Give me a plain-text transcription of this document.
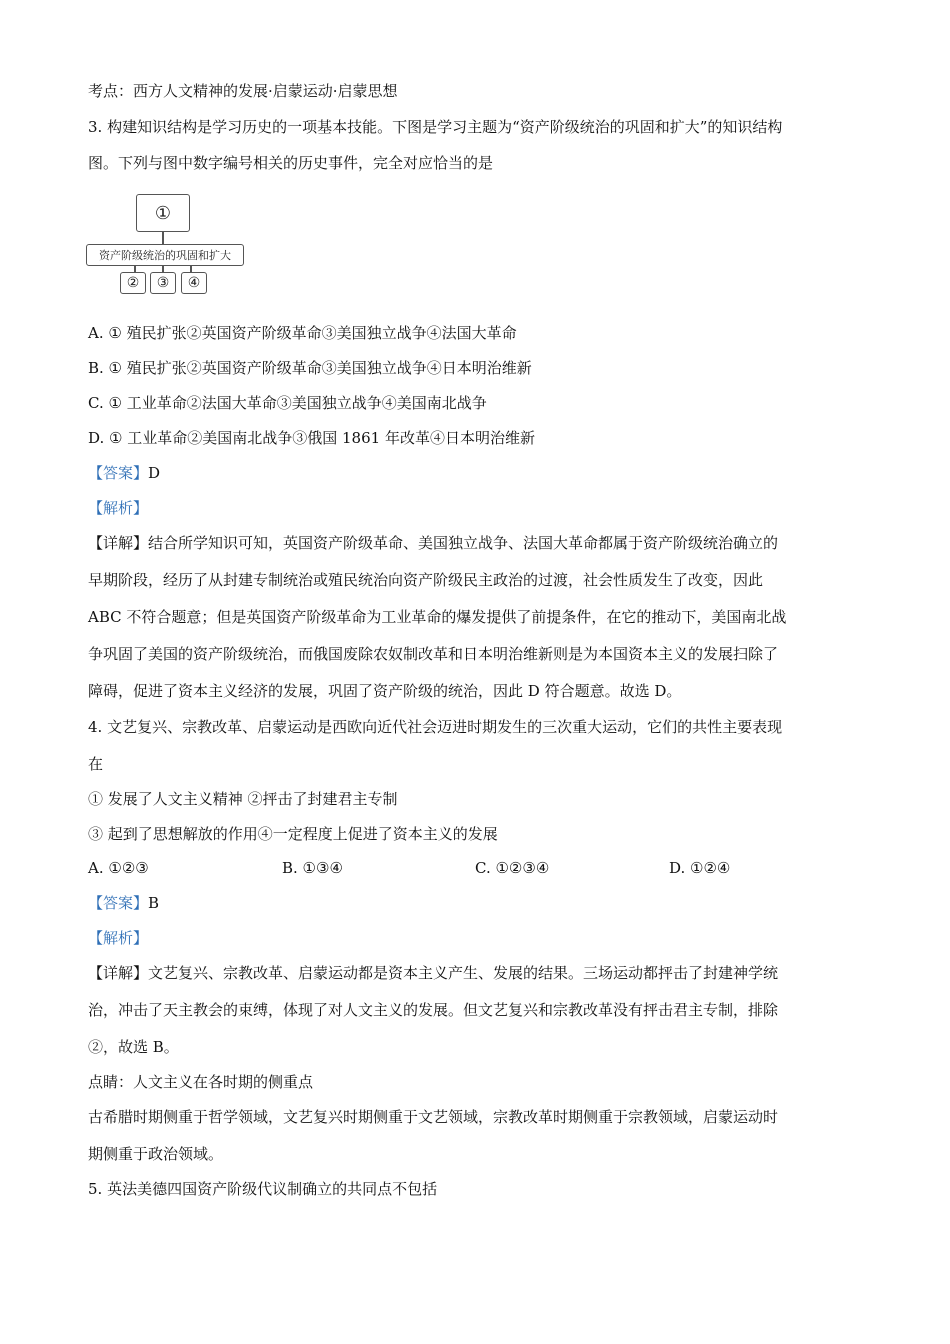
考点：西方人文精神的发展·启蒙运动·启蒙思想

3. 构建知识结构是学习历史的一项基本技能。下图是学习主题为“资产阶级统治的巩固和扩大”的知识结构

图。下列与图中数字编号相关的历史事件，完全对应恰当的是

①
资产阶级统治的巩固和扩大
②	③	④

A. ① 殖民扩张②英国资产阶级革命③美国独立战争④法国大革命

B. ① 殖民扩张②英国资产阶级革命③美国独立战争④日本明治维新

C. ① 工业革命②法国大革命③美国独立战争④美国南北战争

D. ① 工业革命②美国南北战争③俄国 1861 年改革④日本明治维新

【答案】D

【解析】

【详解】结合所学知识可知，英国资产阶级革命、美国独立战争、法国大革命都属于资产阶级统治确立的

早期阶段，经历了从封建专制统治或殖民统治向资产阶级民主政治的过渡，社会性质发生了改变，因此

ABC 不符合题意；但是英国资产阶级革命为工业革命的爆发提供了前提条件，在它的推动下，美国南北战

争巩固了美国的资产阶级统治，而俄国废除农奴制改革和日本明治维新则是为本国资本主义的发展扫除了

障碍，促进了资本主义经济的发展，巩固了资产阶级的统治，因此 D 符合题意。故选 D。

4. 文艺复兴、宗教改革、启蒙运动是西欧向近代社会迈进时期发生的三次重大运动，它们的共性主要表现

在

① 发展了人文主义精神 ②抨击了封建君主专制

③ 起到了思想解放的作用④一定程度上促进了资本主义的发展

A. ①②③	B. ①③④	C. ①②③④	D. ①②④

【答案】B

【解析】

【详解】文艺复兴、宗教改革、启蒙运动都是资本主义产生、发展的结果。三场运动都抨击了封建神学统

治，冲击了天主教会的束缚，体现了对人文主义的发展。但文艺复兴和宗教改革没有抨击君主专制，排除

②，故选 B。

点睛：人文主义在各时期的侧重点

古希腊时期侧重于哲学领域，文艺复兴时期侧重于文艺领域，宗教改革时期侧重于宗教领域，启蒙运动时

期侧重于政治领域。

5. 英法美德四国资产阶级代议制确立的共同点不包括
